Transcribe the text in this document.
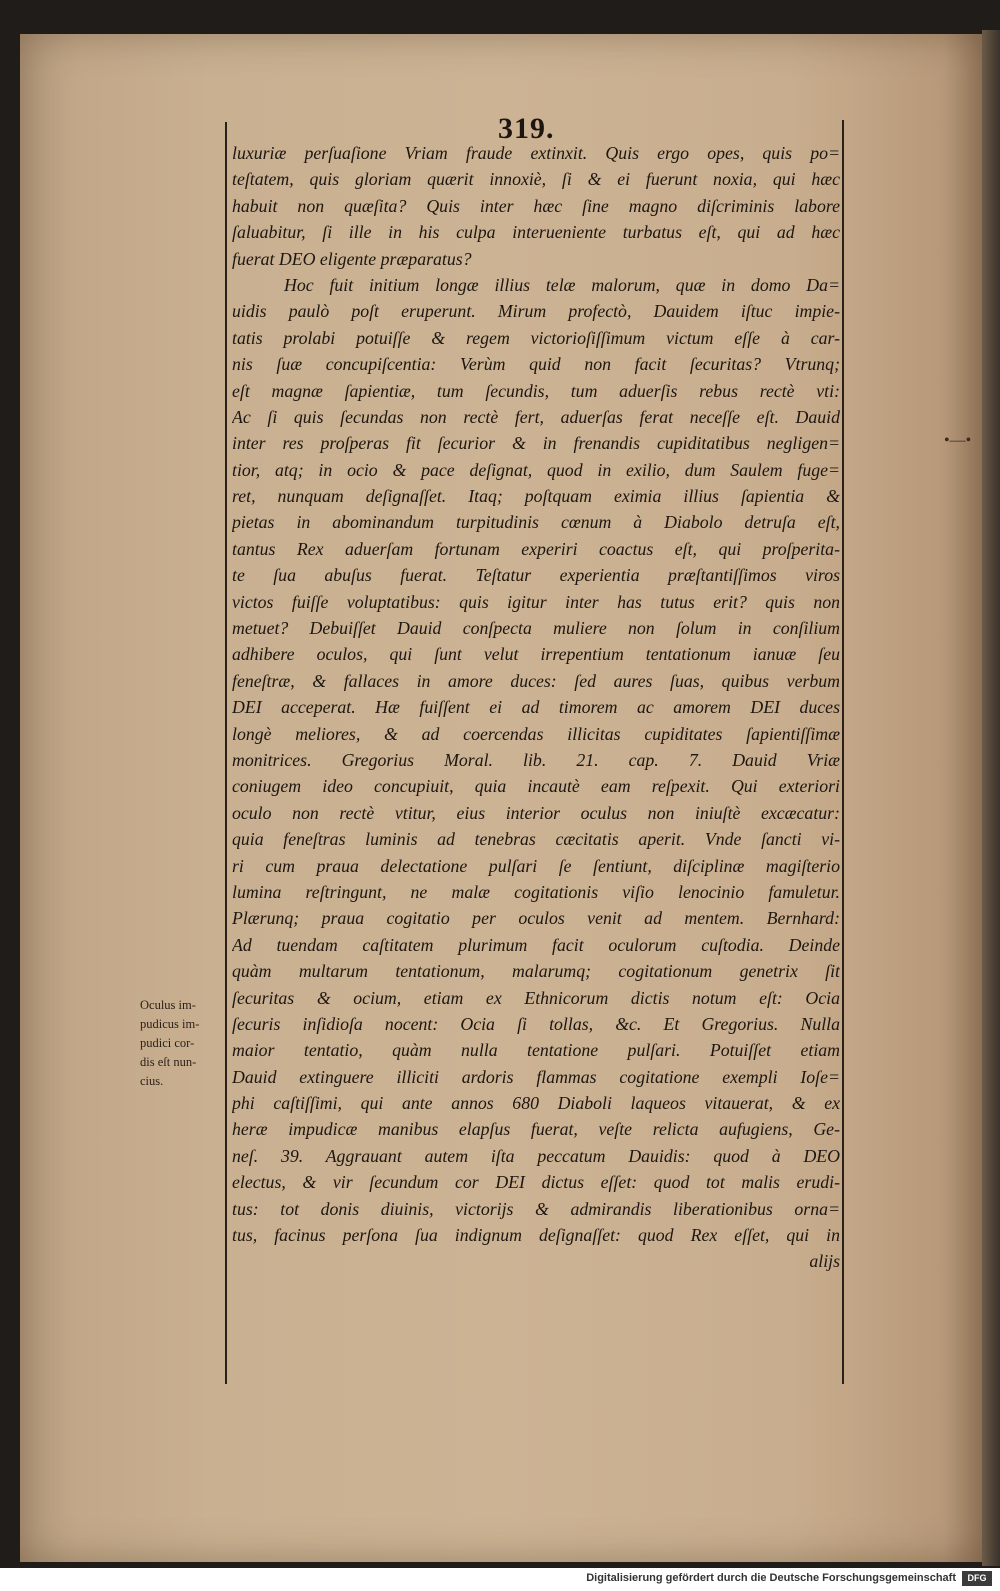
319.
luxuriæ perſuaſione Vriam fraude extinxit. Quis ergo opes, quis po=
teſtatem, quis gloriam quærit innoxiè, ſi & ei fuerunt noxia, qui hæc
habuit non quæſita? Quis inter hæc ſine magno diſcriminis labore
ſaluabitur, ſi ille in his culpa interueniente turbatus eſt, qui ad hæc
fuerat DEO eligente præparatus?
Hoc fuit initium longæ illius telæ malorum, quæ in domo Da=
uidis paulò poſt eruperunt. Mirum profectò, Dauidem iſtuc impie-
tatis prolabi potuiſſe & regem victorioſiſſimum victum eſſe à car-
nis ſuæ concupiſcentia: Verùm quid non facit ſecuritas? Vtrunq;
eſt magnæ ſapientiæ, tum ſecundis, tum aduerſis rebus rectè vti:
Ac ſi quis ſecundas non rectè fert, aduerſas ferat neceſſe eſt. Dauid
inter res proſperas fit ſecurior & in frenandis cupiditatibus negligen=
tior, atq; in ocio & pace deſignat, quod in exilio, dum Saulem fuge=
ret, nunquam deſignaſſet. Itaq; poſtquam eximia illius ſapientia &
pietas in abominandum turpitudinis cœnum à Diabolo detruſa eſt,
tantus Rex aduerſam fortunam experiri coactus eſt, qui proſperita-
te ſua abuſus fuerat. Teſtatur experientia præſtantiſſimos viros
victos fuiſſe voluptatibus: quis igitur inter has tutus erit? quis non
metuet? Debuiſſet Dauid conſpecta muliere non ſolum in conſilium
adhibere oculos, qui ſunt velut irrepentium tentationum ianuæ ſeu
feneſtræ, & fallaces in amore duces: ſed aures ſuas, quibus verbum
DEI acceperat. Hæ fuiſſent ei ad timorem ac amorem DEI duces
longè meliores, & ad coercendas illicitas cupiditates ſapientiſſimæ
monitrices. Gregorius Moral. lib. 21. cap. 7. Dauid Vriæ
coniugem ideo concupiuit, quia incautè eam reſpexit. Qui exteriori
oculo non rectè vtitur, eius interior oculus non iniuſtè excæcatur:
quia feneſtras luminis ad tenebras cæcitatis aperit. Vnde ſancti vi-
ri cum praua delectatione pulſari ſe ſentiunt, diſciplinæ magiſterio
lumina reſtringunt, ne malæ cogitationis viſio lenocinio famuletur.
Plærunq; praua cogitatio per oculos venit ad mentem. Bernhard:
Ad tuendam caſtitatem plurimum facit oculorum cuſtodia. Deinde
quàm multarum tentationum, malarumq; cogitationum genetrix ſit
ſecuritas & ocium, etiam ex Ethnicorum dictis notum eſt: Ocia
ſecuris inſidioſa nocent: Ocia ſi tollas, &c. Et Gregorius. Nulla
maior tentatio, quàm nulla tentatione pulſari. Potuiſſet etiam
Dauid extinguere illiciti ardoris flammas cogitatione exempli Ioſe=
phi caſtiſſimi, qui ante annos 680 Diaboli laqueos vitauerat, & ex
heræ impudicæ manibus elapſus fuerat, veſte relicta aufugiens, Ge-
neſ. 39. Aggrauant autem iſta peccatum Dauidis: quod à DEO
electus, & vir ſecundum cor DEI dictus eſſet: quod tot malis erudi-
tus: tot donis diuinis, victorijs & admirandis liberationibus orna=
tus, facinus perſona ſua indignum deſignaſſet: quod Rex eſſet, qui in
alijs
Oculus im-
pudicus im-
pudici cor-
dis eſt nun-
cius.
•—•
Digitalisierung gefördert durch die Deutsche Forschungsgemeinschaft	DFG
